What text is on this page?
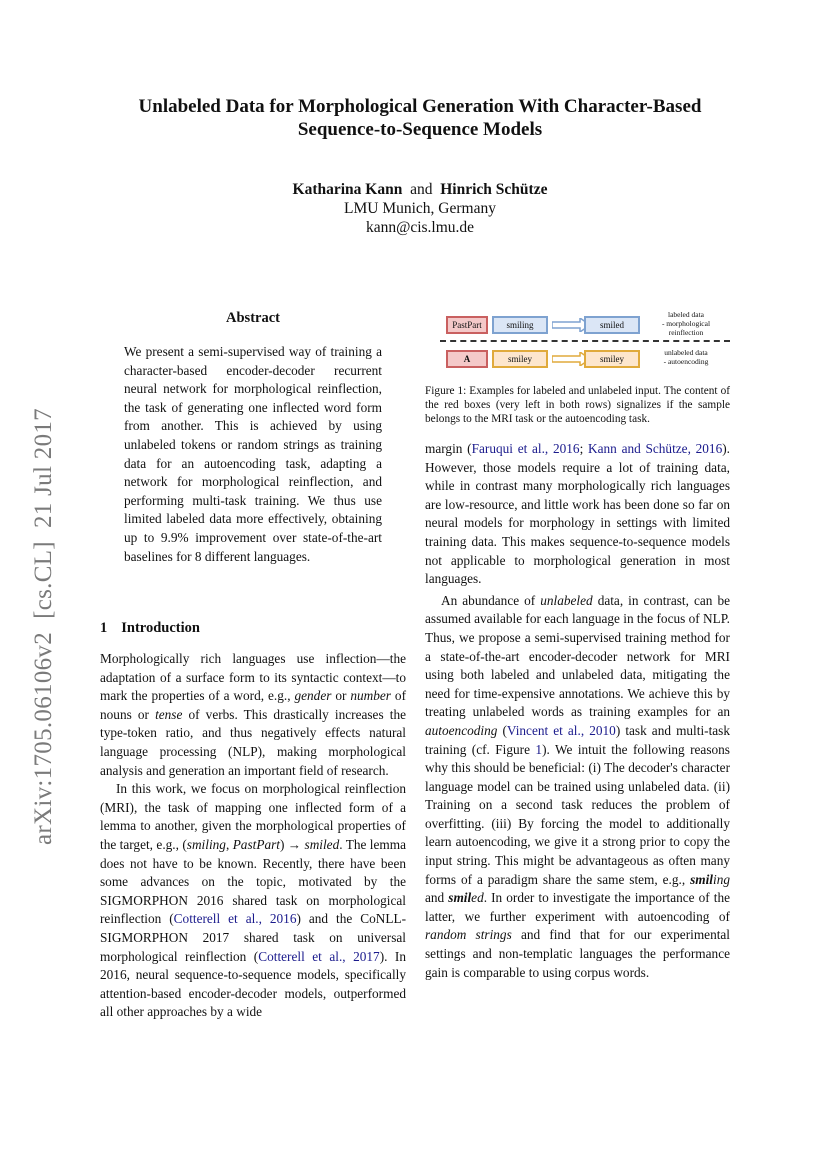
Unlabeled Data for Morphological Generation With Character-Based
Sequence-to-Sequence Models
Katharina Kann and Hinrich Schütze
LMU Munich, Germany
kann@cis.lmu.de
arXiv:1705.06106v2  [cs.CL]  21 Jul 2017
Abstract
We present a semi-supervised way of training a character-based encoder-decoder recurrent neural network for morphological reinflection, the task of generating one inflected word form from another. This is achieved by using unlabeled tokens or random strings as training data for an autoencoding task, adapting a network for morphological reinflection, and performing multi-task training. We thus use limited labeled data more effectively, obtaining up to 9.9% improvement over state-of-the-art baselines for 8 different languages.
1 Introduction

Morphologically rich languages use inflection—the adaptation of a surface form to its syntactic context—to mark the properties of a word, e.g., gender or number of nouns or tense of verbs. This drastically increases the type-token ratio, and thus negatively effects natural language processing (NLP), making morphological analysis and generation an important field of research.

In this work, we focus on morphological reinflection (MRI), the task of mapping one inflected form of a lemma to another, given the morphological properties of the target, e.g., (smiling, PastPart) → smiled. The lemma does not have to be known. Recently, there have been some advances on the topic, motivated by the SIGMORPHON 2016 shared task on morphological reinflection (Cotterell et al., 2016) and the CoNLL-SIGMORPHON 2017 shared task on universal morphological reinflection (Cotterell et al., 2017). In 2016, neural sequence-to-sequence models, specifically attention-based encoder-decoder models, outperformed all other approaches by a wide

PastPart	smiling	smiled
labeled data
- morphological
reinflection
A	smiley	smiley
unlabeled data
- autoencoding
Figure 1: Examples for labeled and unlabeled input. The content of the red boxes (very left in both rows) signalizes if the sample belongs to the MRI task or the autoencoding task.

margin (Faruqui et al., 2016; Kann and Schütze, 2016). However, those models require a lot of training data, while in contrast many morphologically rich languages are low-resource, and little work has been done so far on neural models for morphology in settings with limited training data. This makes sequence-to-sequence models not applicable to morphological generation in most languages.

An abundance of unlabeled data, in contrast, can be assumed available for each language in the focus of NLP. Thus, we propose a semi-supervised training method for a state-of-the-art encoder-decoder network for MRI using both labeled and unlabeled data, mitigating the need for time-expensive annotations. We achieve this by treating unlabeled words as training examples for an autoencoding (Vincent et al., 2010) task and multi-task training (cf. Figure 1). We intuit the following reasons why this should be beneficial: (i) The decoder's character language model can be trained using unlabeled data. (ii) Training on a second task reduces the problem of overfitting. (iii) By forcing the model to additionally learn autoencoding, we give it a strong prior to copy the input string. This might be advantageous as often many forms of a paradigm share the same stem, e.g., smiling and smiled. In order to investigate the importance of the latter, we further experiment with autoencoding of random strings and find that for our experimental settings and non-templatic languages the performance gain is comparable to using corpus words.
